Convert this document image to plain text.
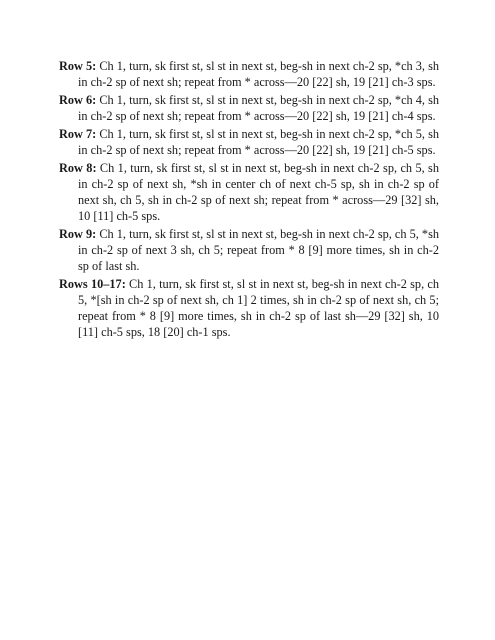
Row 5: Ch 1, turn, sk first st, sl st in next st, beg-sh in next ch-2 sp, *ch 3, sh in ch-2 sp of next sh; repeat from * across—20 [22] sh, 19 [21] ch-3 sps.

Row 6: Ch 1, turn, sk first st, sl st in next st, beg-sh in next ch-2 sp, *ch 4, sh in ch-2 sp of next sh; repeat from * across—20 [22] sh, 19 [21] ch-4 sps.

Row 7: Ch 1, turn, sk first st, sl st in next st, beg-sh in next ch-2 sp, *ch 5, sh in ch-2 sp of next sh; repeat from * across—20 [22] sh, 19 [21] ch-5 sps.

Row 8: Ch 1, turn, sk first st, sl st in next st, beg-sh in next ch-2 sp, ch 5, sh in ch-2 sp of next sh, *sh in center ch of next ch-5 sp, sh in ch-2 sp of next sh, ch 5, sh in ch-2 sp of next sh; repeat from * across—29 [32] sh, 10 [11] ch-5 sps.

Row 9: Ch 1, turn, sk first st, sl st in next st, beg-sh in next ch-2 sp, ch 5, *sh in ch-2 sp of next 3 sh, ch 5; repeat from * 8 [9] more times, sh in ch-2 sp of last sh.

Rows 10–17: Ch 1, turn, sk first st, sl st in next st, beg-sh in next ch-2 sp, ch 5, *[sh in ch-2 sp of next sh, ch 1] 2 times, sh in ch-2 sp of next sh, ch 5; repeat from * 8 [9] more times, sh in ch-2 sp of last sh—29 [32] sh, 10 [11] ch-5 sps, 18 [20] ch-1 sps.
